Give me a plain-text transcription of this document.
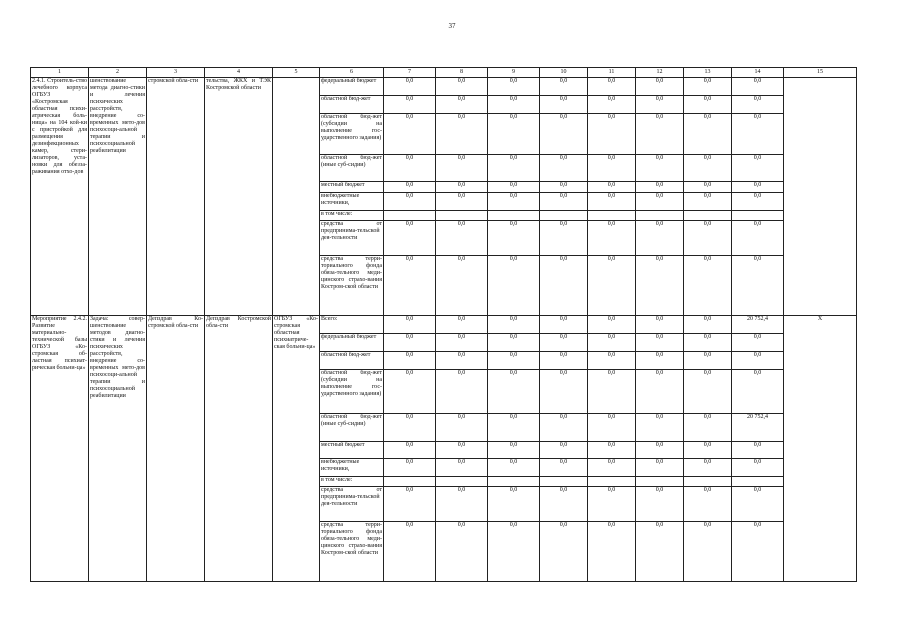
37
1	2	3	4	5	6	7	8	9	10	11	12	13	14	15
2.4.1. Строитель-ство лечебного корпуса ОГБУЗ «Костромская областная психи-атрическая боль-ница» на 104 кой-ки с пристройкой для размещения дезинфекционных камер, стери-лизаторов, уста-новки для обезза-раживания отхо-дов	шенствование метода диагно-стики и лечения психических расстройств, внедрение со-временных мето-дов психосоци-альной терапии и психосоциальной реабилитации	стромской обла-сти	тельства, ЖКХ и ТЭК Костромской области		федеральный бюджет	0,0	0,0	0,0	0,0	0,0	0,0	0,0	0,0	
					областной бюд-жет	0,0	0,0	0,0	0,0	0,0	0,0	0,0	0,0	
					областной бюд-жет (субсидии на выполнение гос-ударственного задания)	0,0	0,0	0,0	0,0	0,0	0,0	0,0	0,0	
					областной бюд-жет (иные суб-сидии)	0,0	0,0	0,0	0,0	0,0	0,0	0,0	0,0	
					местный бюджет	0,0	0,0	0,0	0,0	0,0	0,0	0,0	0,0	
					внебюджетные источники,	0,0	0,0	0,0	0,0	0,0	0,0	0,0	0,0	
					в том числе:									
					средства от предпринима-тельской дея-тельности	0,0	0,0	0,0	0,0	0,0	0,0	0,0	0,0	
					средства терри-ториального фонда обяза-тельного меди-цинского страхо-вания Костром-ской области	0,0	0,0	0,0	0,0	0,0	0,0	0,0	0,0	
Мероприятие 2.4.2. Развитие материально-технической базы ОГБУЗ «Ко-стромская об-ластная психиат-рическая больни-ца»	Задача: совер-шенствование методов диагно-стики и лечения психических расстройств, внедрение со-временных мето-дов психосоци-альной терапии и психосоциальной реабилитации	Депздрав Ко-стромской обла-сти	Депздрав Костромской обла-сти	ОГБУЗ «Ко-стромская областная психиатриче-ская больни-ца»	Всего:	0,0	0,0	0,0	0,0	0,0	0,0	0,0	20 752,4	X
					федеральный бюджет	0,0	0,0	0,0	0,0	0,0	0,0	0,0	0,0	
					областной бюд-жет	0,0	0,0	0,0	0,0	0,0	0,0	0,0	0,0	
					областной бюд-жет (субсидии на выполнение гос-ударственного задания)	0,0	0,0	0,0	0,0	0,0	0,0	0,0	0,0	
					областной бюд-жет (иные суб-сидии)	0,0	0,0	0,0	0,0	0,0	0,0	0,0	20 752,4	
					местный бюджет	0,0	0,0	0,0	0,0	0,0	0,0	0,0	0,0	
					внебюджетные источники,	0,0	0,0	0,0	0,0	0,0	0,0	0,0	0,0	
					в том числе:									
					средства от предпринима-тельской дея-тельности	0,0	0,0	0,0	0,0	0,0	0,0	0,0	0,0	
					средства терри-ториального фонда обяза-тельного меди-цинского страхо-вания Костром-ской области	0,0	0,0	0,0	0,0	0,0	0,0	0,0	0,0	
